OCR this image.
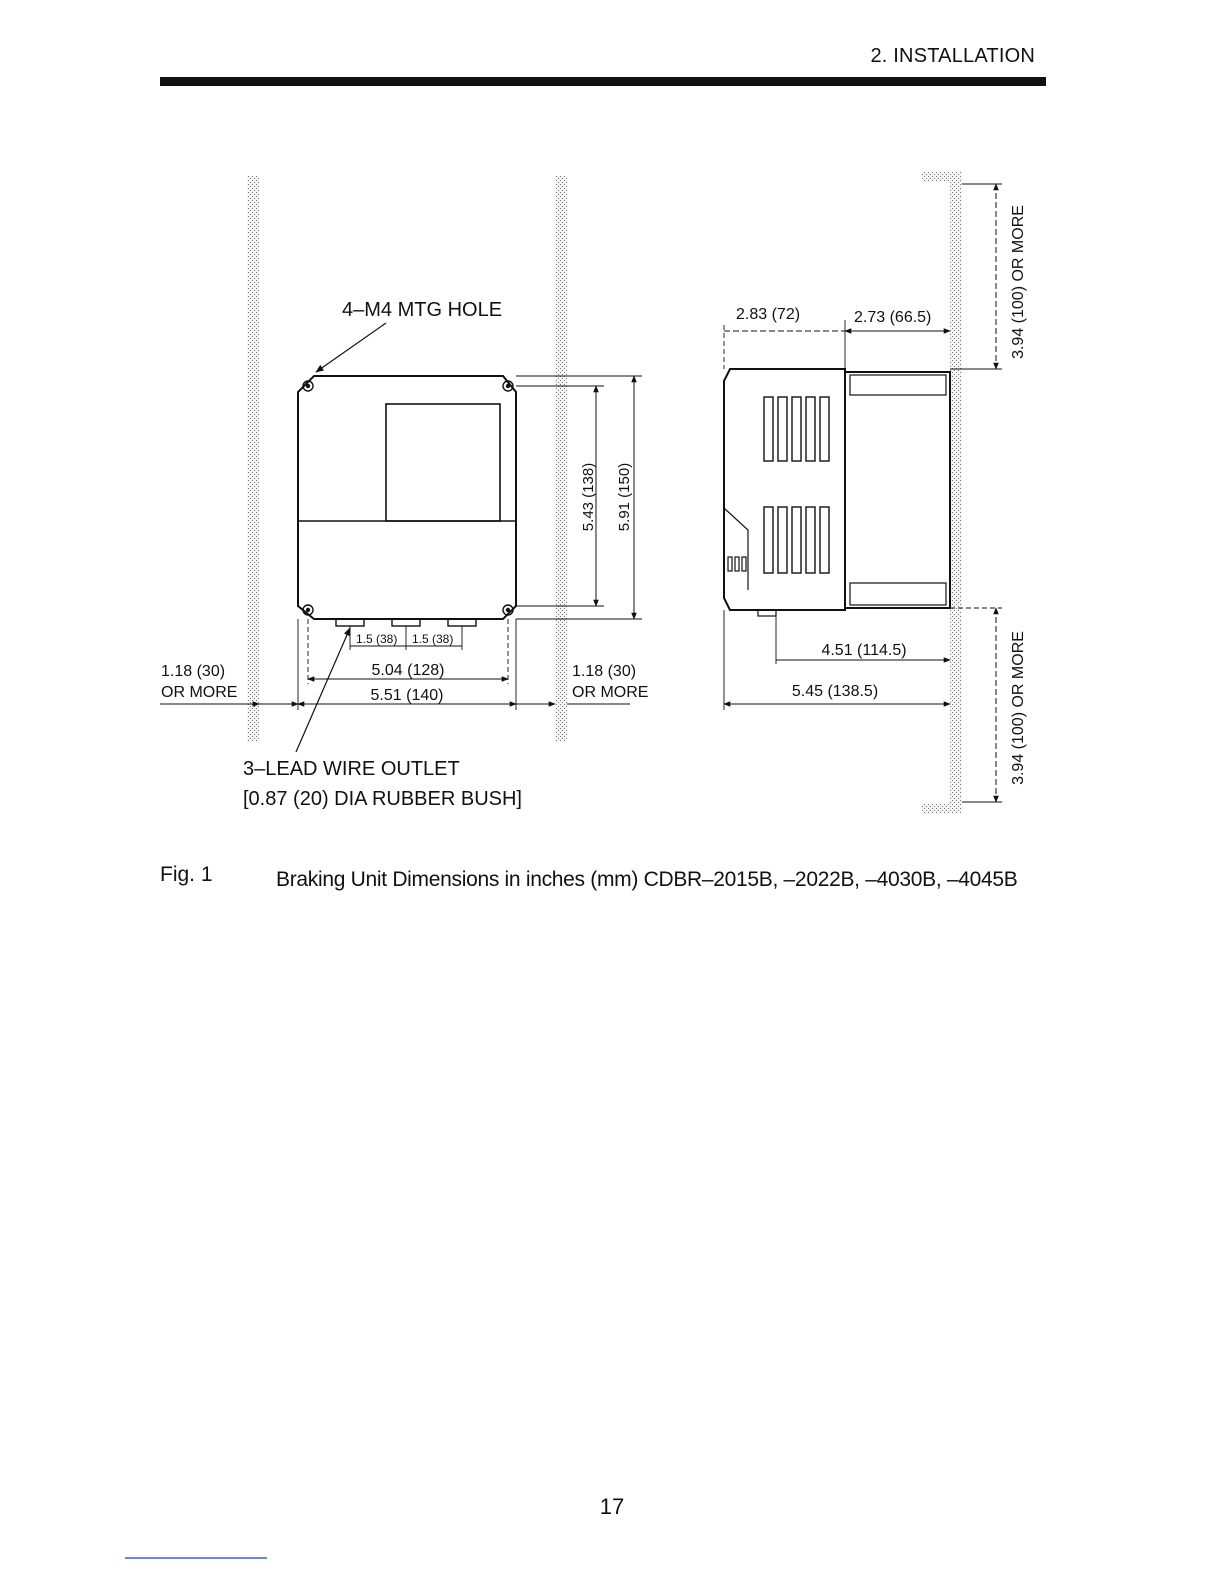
2. INSTALLATION
4–M4 MTG HOLE
5.43 (138) 5.91 (150)
1.5 (38) 1.5 (38)
5.04 (128)
5.51 (140)
1.18 (30)
OR MORE
1.18 (30)
OR MORE
3–LEAD WIRE OUTLET
[0.87 (20) DIA RUBBER BUSH]
2.83 (72)	2.73 (66.5)
4.51 (114.5)
5.45 (138.5)
3.94 (100) OR MORE
3.94 (100) OR MORE
Fig. 1	Braking Unit Dimensions in inches (mm) CDBR–2015B, –2022B, –4030B, –4045B
17
